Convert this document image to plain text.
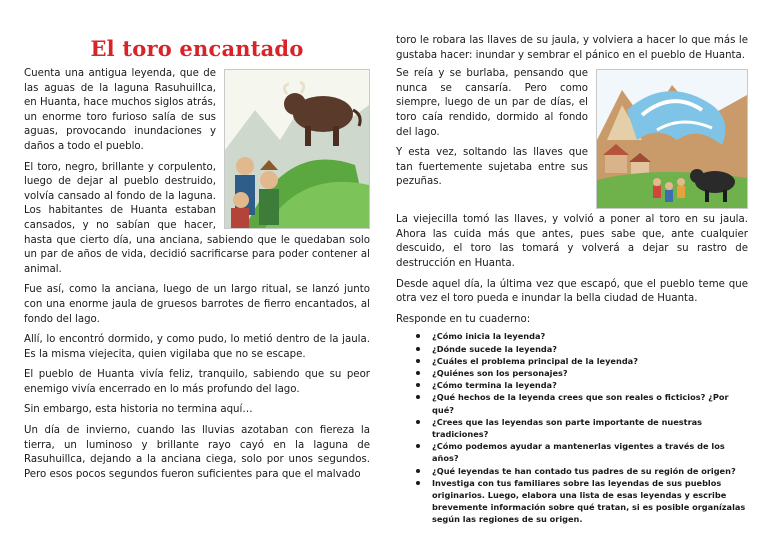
El toro encantado

Cuenta una antigua leyenda, que de las aguas de la laguna Rasuhuillca, en Huanta, hace muchos siglos atrás, un enorme toro furioso salía de sus aguas, provocando inundaciones y daños a todo el pueblo.

El toro, negro, brillante y corpulento, luego de dejar al pueblo destruido, volvía cansado al fondo de la laguna. Los habitantes de Huanta estaban cansados, y no sabían que hacer, hasta que cierto día, una anciana, sabiendo que le quedaban solo un par de años de vida, decidió sacrificarse para poder contener al animal.

Fue así, como la anciana, luego de un largo ritual, se lanzó junto con una enorme jaula de gruesos barrotes de fierro encantados, al fondo del lago.

Allí, lo encontró dormido, y como pudo, lo metió dentro de la jaula. Es la misma viejecita, quien vigilaba que no se escape.

El pueblo de Huanta vivía feliz, tranquilo, sabiendo que su peor enemigo vivía encerrado en lo más profundo del lago.

Sin embargo, esta historia no termina aquí…

Un día de invierno, cuando las lluvias azotaban con fiereza la tierra, un luminoso y brillante rayo cayó en la laguna de Rasuhuillca, dejando a la anciana ciega, solo por unos segundos. Pero esos pocos segundos fueron suficientes para que el malvado

toro le robara las llaves de su jaula, y volviera a hacer lo que más le gustaba hacer: inundar y sembrar el pánico en el pueblo de Huanta.

Se reía y se burlaba, pensando que nunca se cansaría. Pero como siempre, luego de un par de días, el toro caía rendido, dormido al fondo del lago.

Y esta vez, soltando las llaves que tan fuertemente sujetaba entre sus pezuñas.

La viejecilla tomó las llaves, y volvió a poner al toro en su jaula. Ahora las cuida más que antes, pues sabe que, ante cualquier descuido, el toro las tomará y volverá a dejar su rastro de destrucción en Huanta.

Desde aquel día, la última vez que escapó, que el pueblo teme que otra vez el toro pueda e inundar la bella ciudad de Huanta.

Responde en tu cuaderno:

¿Cómo inicia la leyenda?
¿Dónde sucede la leyenda?
¿Cuáles el problema principal de la leyenda?
¿Quiénes son los personajes?
¿Cómo termina la leyenda?
¿Qué hechos de la leyenda crees que son reales o ficticios? ¿Por qué?
¿Crees que las leyendas son parte importante de nuestras tradiciones?
¿Cómo podemos ayudar a mantenerlas vigentes a través de los años?
¿Qué leyendas te han contado tus padres de su región de origen?
Investiga con tus familiares sobre las leyendas de sus pueblos originarios. Luego, elabora una lista de esas leyendas y escribe brevemente información sobre qué tratan, si es posible organízalas según las regiones de su origen.
